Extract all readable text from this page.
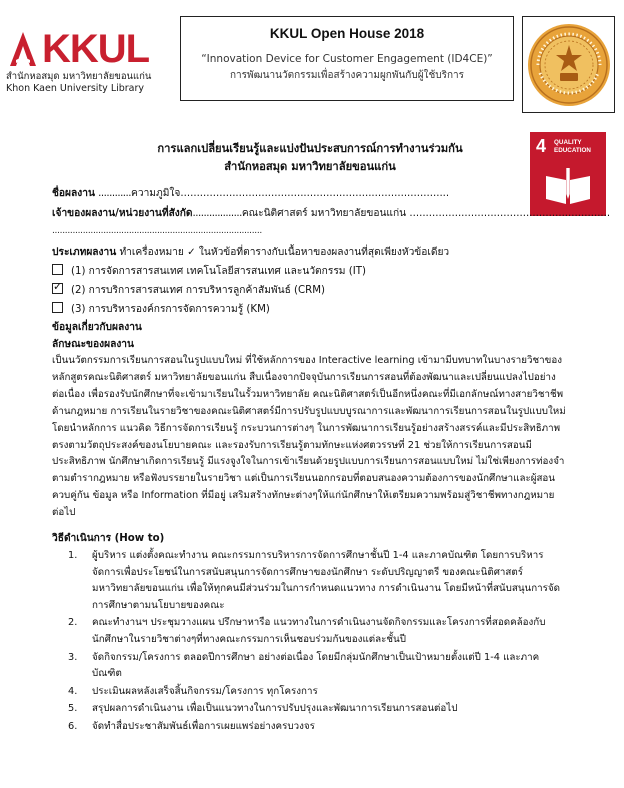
KKUL
สำนักหอสมุด มหาวิทยาลัยขอนแก่น
Khon Kaen University Library
KKUL Open House 2018
“Innovation Device for Customer Engagement (ID4CE)”
การพัฒนานวัตกรรมเพื่อสร้างความผูกพันกับผู้ใช้บริการ
4 QUALITY
EDUCATION
การแลกเปลี่ยนเรียนรู้และแบ่งปันประสบการณ์การทำงานร่วมกัน
สำนักหอสมุด มหาวิทยาลัยขอนแก่น
ชื่อผลงาน ............ความภูมิใจ...................................................................................
เจ้าของผลงาน/หน่วยงานที่สังกัด..................คณะนิติศาสตร์ มหาวิทยาลัยขอนแก่น ..............................................................
..................................................................................
ประเภทผลงาน ทำเครื่องหมาย ✓ ในหัวข้อที่ตารางกับเนื้อหาของผลงานที่สุดเพียงหัวข้อเดียว
(1) การจัดการสารสนเทศ เทคโนโลยีสารสนเทศ และนวัตกรรม (IT)
✓(2) การบริการสารสนเทศ การบริหารลูกค้าสัมพันธ์ (CRM)
(3) การบริหารองค์กรการจัดการความรู้ (KM)
ข้อมูลเกี่ยวกับผลงาน
ลักษณะของผลงาน
เป็นนวัตกรรมการเรียนการสอนในรูปแบบใหม่ ที่ใช้หลักการของ Interactive learning เข้ามามีบทบาทในบางรายวิชาของ
หลักสูตรคณะนิติศาสตร์ มหาวิทยาลัยขอนแก่น สืบเนื่องจากปัจจุบันการเรียนการสอนที่ต้องพัฒนาและเปลี่ยนแปลงไปอย่าง
ต่อเนื่อง เพื่อรองรับนักศึกษาที่จะเข้ามาเรียนในรั้วมหาวิทยาลัย คณะนิติศาสตร์เป็นอีกหนึ่งคณะที่มีเอกลักษณ์ทางสายวิชาชีพ
ด้านกฎหมาย การเรียนในรายวิชาของคณะนิติศาสตร์มีการปรับรูปแบบบูรณาการและพัฒนาการเรียนการสอนในรูปแบบใหม่
โดยนำหลักการ แนวคิด วิธีการจัดการเรียนรู้ กระบวนการต่างๆ ในการพัฒนาการเรียนรู้อย่างสร้างสรรค์และมีประสิทธิภาพ
ตรงตามวัตถุประสงค์ของนโยบายคณะ และรองรับการเรียนรู้ตามทักษะแห่งศตวรรษที่ 21 ช่วยให้การเรียนการสอนมี
ประสิทธิภาพ นักศึกษาเกิดการเรียนรู้ มีแรงจูงใจในการเข้าเรียนด้วยรูปแบบการเรียนการสอนแบบใหม่ ไม่ใช่เพียงการท่องจำ
ตามตำรากฎหมาย หรือฟังบรรยายในรายวิชา แต่เป็นการเรียนนอกกรอบที่ตอบสนองความต้องการของนักศึกษาและผู้สอน
ควบคู่กัน ข้อมูล หรือ Information ที่มีอยู่ เสริมสร้างทักษะต่างๆให้แก่นักศึกษาให้เตรียมความพร้อมสู่วิชาชีพทางกฎหมาย
ต่อไป
วิธีดำเนินการ (How to)
1. ผู้บริหาร แต่งตั้งคณะทำงาน คณะกรรมการบริหารการจัดการศึกษาชั้นปี 1-4 และภาคบัณฑิต โดยการบริหาร
จัดการเพื่อประโยชน์ในการสนับสนุนการจัดการศึกษาของนักศึกษา ระดับปริญญาตรี ของคณะนิติศาสตร์
มหาวิทยาลัยขอนแก่น เพื่อให้ทุกคนมีส่วนร่วมในการกำหนดแนวทาง การดำเนินงาน โดยมีหน้าที่สนับสนุนการจัด
การศึกษาตามนโยบายของคณะ
2. คณะทำงานฯ ประชุมวางแผน ปรึกษาหารือ แนวทางในการดำเนินงานจัดกิจกรรมและโครงการที่สอดคล้องกับ
นักศึกษาในรายวิชาต่างๆที่ทางคณะกรรมการเห็นชอบร่วมกันของแต่ละชั้นปี
3. จัดกิจกรรม/โครงการ ตลอดปีการศึกษา อย่างต่อเนื่อง โดยมีกลุ่มนักศึกษาเป็นเป้าหมายตั้งแต่ปี 1-4 และภาค
บัณฑิต
4. ประเมินผลหลังเสร็จสิ้นกิจกรรม/โครงการ ทุกโครงการ
5. สรุปผลการดำเนินงาน เพื่อเป็นแนวทางในการปรับปรุงและพัฒนาการเรียนการสอนต่อไป
6. จัดทำสื่อประชาสัมพันธ์เพื่อการเผยแพร่อย่างครบวงจร
